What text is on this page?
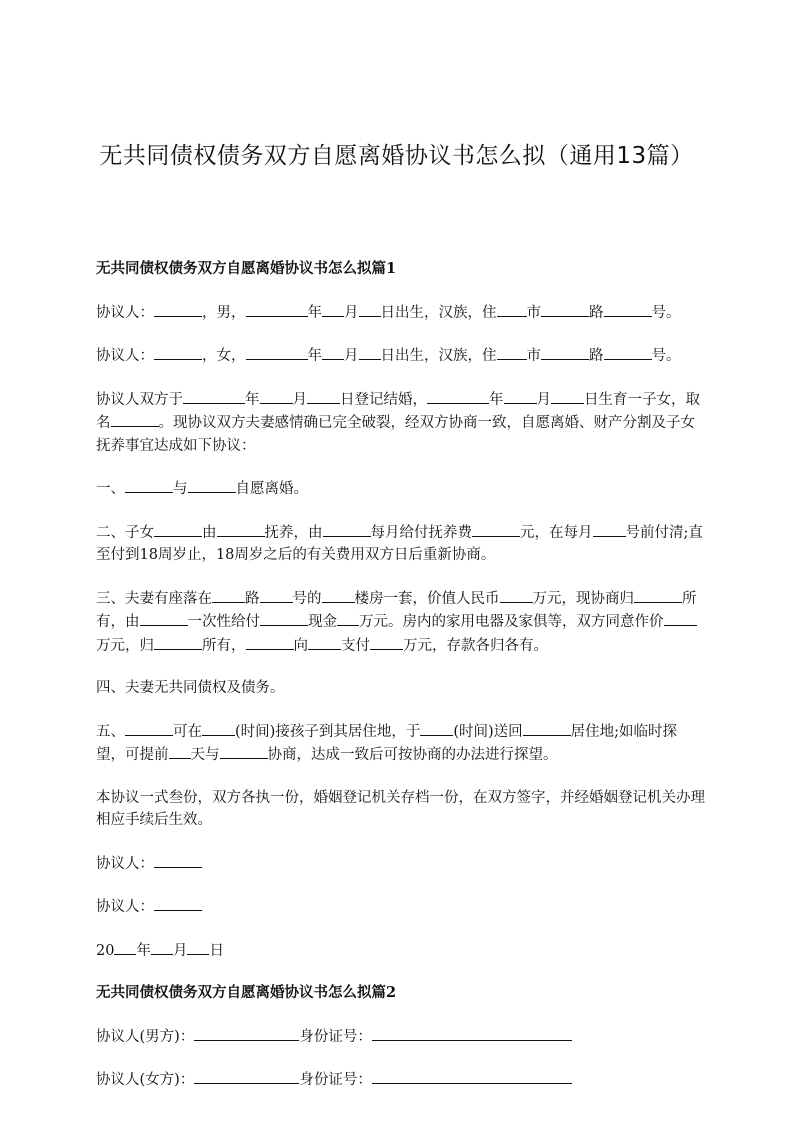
无共同债权债务双方自愿离婚协议书怎么拟（通用13篇）
无共同债权债务双方自愿离婚协议书怎么拟篇1
协议人：	，男，	年 月 日出生，汉族，住 市	路	号。
协议人：	，女，	年 月 日出生，汉族，住 市	路	号。
协议人双方于	年 月 日登记结婚，	年 月 日生育一子女，取名	。现协议双方夫妻感情确已完全破裂，经双方协商一致，自愿离婚、财产分割及子女抚养事宜达成如下协议：
一、	与	自愿离婚。
二、子女	由	抚养，由	每月给付抚养费	元，在每月 号前付清;直至付到18周岁止，18周岁之后的有关费用双方日后重新协商。
三、夫妻有座落在 路 号的 楼房一套，价值人民币 万元，现协商归	所有，由	一次性给付	现金 万元。房内的家用电器及家俱等，双方同意作价万元，归	所有，	向 支付 万元，存款各归各有。
四、夫妻无共同债权及债务。
五、	可在 (时间)接孩子到其居住地，于 (时间)送回	居住地;如临时探望，可提前 天与	协商，达成一致后可按协商的办法进行探望。
本协议一式叁份，双方各执一份，婚姻登记机关存档一份，在双方签字，并经婚姻登记机关办理相应手续后生效。
协议人：
协议人：
20 年 月 日
无共同债权债务双方自愿离婚协议书怎么拟篇2
协议人(男方)：	身份证号：
协议人(女方)：	身份证号：
